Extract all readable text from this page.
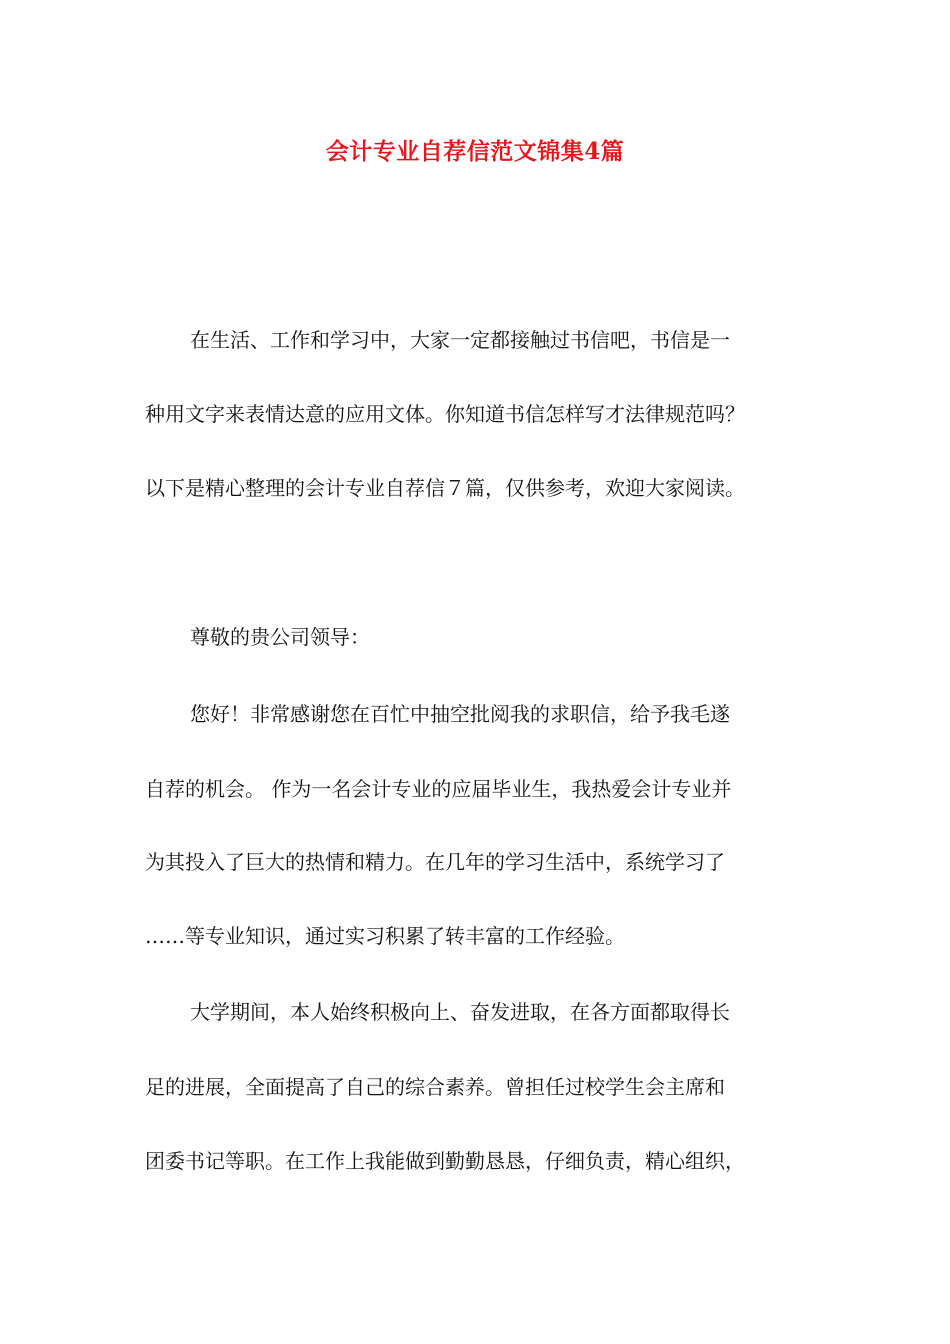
会计专业自荐信范文锦集4篇

在生活、工作和学习中，大家一定都接触过书信吧，书信是一

种用文字来表情达意的应用文体。你知道书信怎样写才法律规范吗？

以下是精心整理的会计专业自荐信７篇，仅供参考，欢迎大家阅读。

尊敬的贵公司领导：

您好！非常感谢您在百忙中抽空批阅我的求职信，给予我毛遂

自荐的机会。 作为一名会计专业的应届毕业生，我热爱会计专业并

为其投入了巨大的热情和精力。在几年的学习生活中，系统学习了

……等专业知识，通过实习积累了转丰富的工作经验。

大学期间，本人始终积极向上、奋发进取，在各方面都取得长

足的进展，全面提高了自己的综合素养。曾担任过校学生会主席和

团委书记等职。在工作上我能做到勤勤恳恳，仔细负责，精心组织，
